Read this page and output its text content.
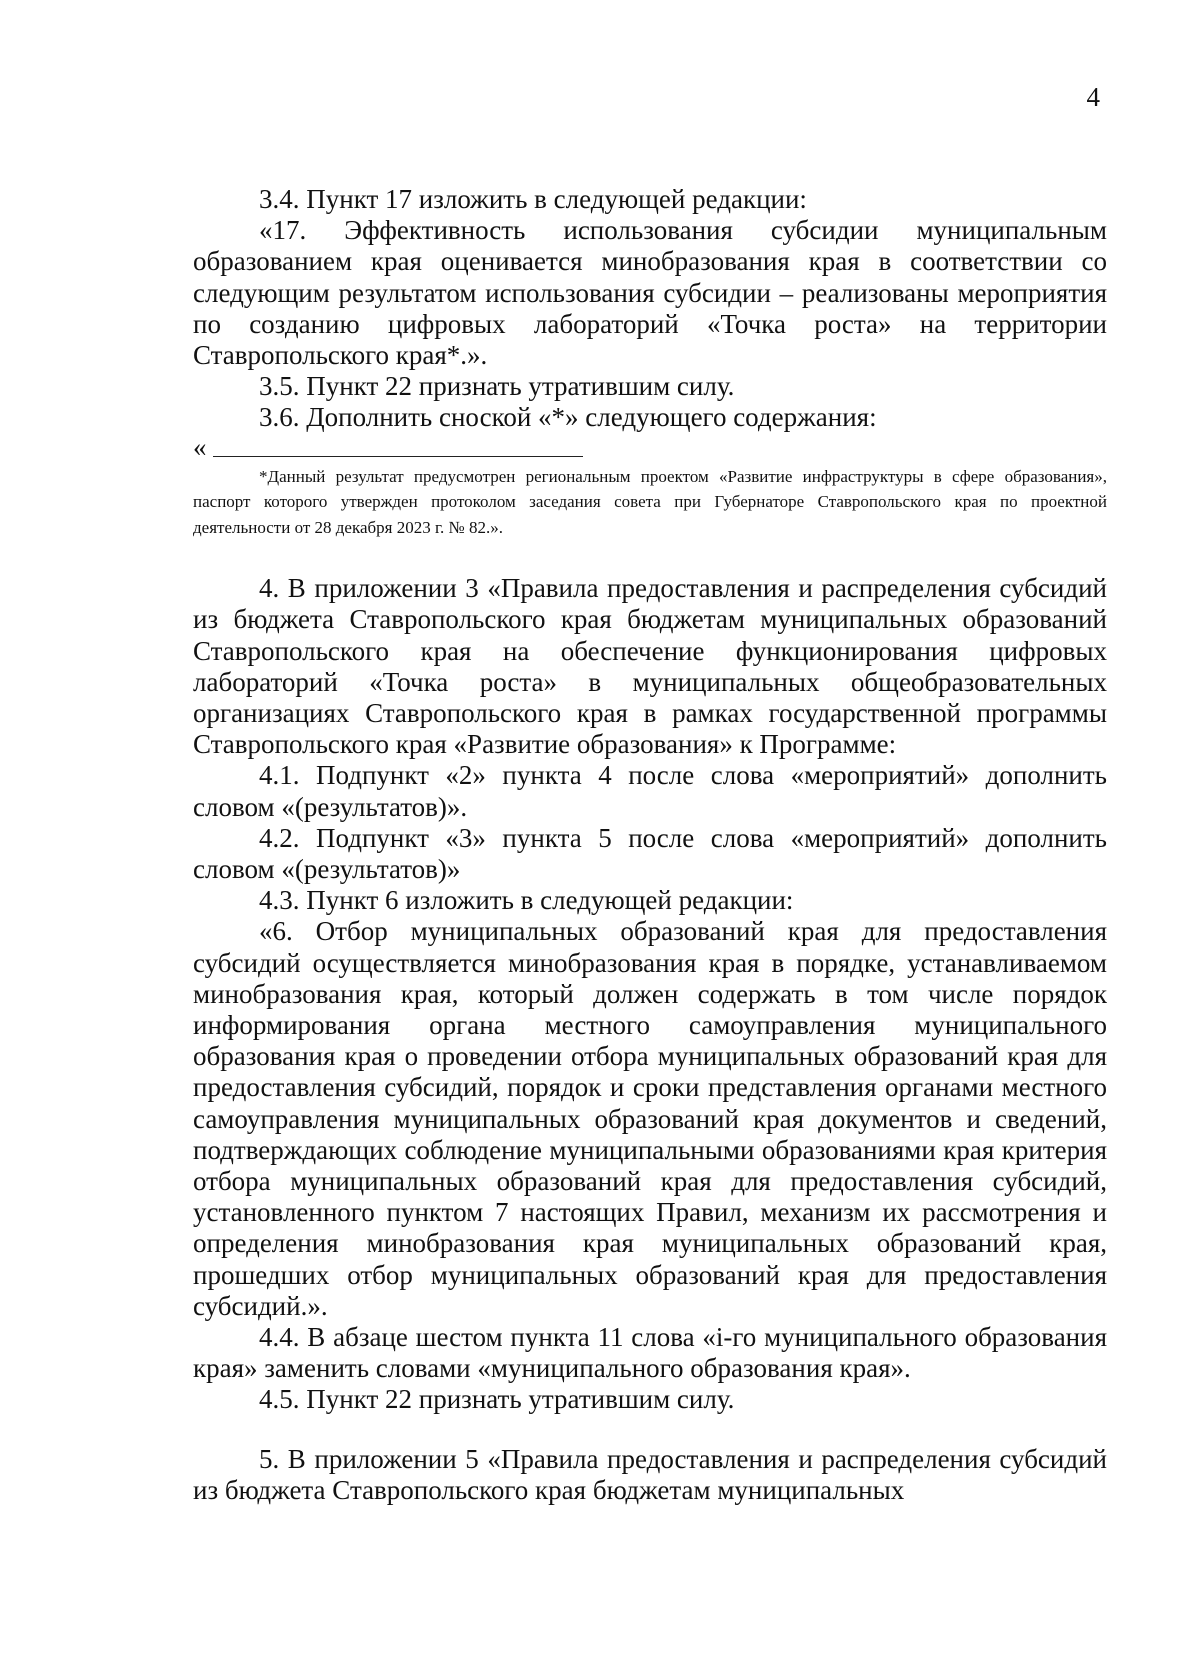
4

3.4. Пункт 17 изложить в следующей редакции:

«17. Эффективность использования субсидии муниципальным образованием края оценивается минобразования края в соответствии со следующим результатом использования субсидии – реализованы мероприятия по созданию цифровых лабораторий «Точка роста» на территории Ставропольского края*.».

3.5. Пункт 22 признать утратившим силу.

3.6. Дополнить сноской «*» следующего содержания:

«

*Данный результат предусмотрен региональным проектом «Развитие инфраструктуры в сфере образования», паспорт которого утвержден протоколом заседания совета при Губернаторе Ставропольского края по проектной деятельности от 28 декабря 2023 г. № 82.».

4. В приложении 3 «Правила предоставления и распределения субсидий из бюджета Ставропольского края бюджетам муниципальных образований Ставропольского края на обеспечение функционирования цифровых лабораторий «Точка роста» в муниципальных общеобразовательных организациях Ставропольского края в рамках государственной программы Ставропольского края «Развитие образования» к Программе:

4.1. Подпункт «2» пункта 4 после слова «мероприятий» дополнить словом «(результатов)».

4.2. Подпункт «3» пункта 5 после слова «мероприятий» дополнить словом «(результатов)»

4.3. Пункт 6 изложить в следующей редакции:

«6. Отбор муниципальных образований края для предоставления субсидий осуществляется минобразования края в порядке, устанавливаемом минобразования края, который должен содержать в том числе порядок информирования органа местного самоуправления муниципального образования края о проведении отбора муниципальных образований края для предоставления субсидий, порядок и сроки представления органами местного самоуправления муниципальных образований края документов и сведений, подтверждающих соблюдение муниципальными образованиями края критерия отбора муниципальных образований края для предоставления субсидий, установленного пунктом 7 настоящих Правил, механизм их рассмотрения и определения минобразования края муниципальных образований края, прошедших отбор муниципальных образований края для предоставления субсидий.».

4.4. В абзаце шестом пункта 11 слова «i-го муниципального образования края» заменить словами «муниципального образования края».

4.5. Пункт 22 признать утратившим силу.

5. В приложении 5 «Правила предоставления и распределения субсидий из бюджета Ставропольского края бюджетам муниципальных
